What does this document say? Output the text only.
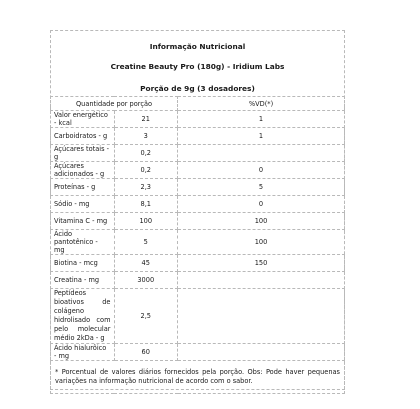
Informação Nutricional
Creatine Beauty Pro (180g) - Iridium Labs
Porção de 9g (3 dosadores)
Quantidade por porção		%VD(*)
Valor energético - kcal	21	1
Carboidratos - g	3	1
Açúcares totais - g	0,2	
Açúcares adicionados - g	0,2	0
Proteínas - g	2,3	5
Sódio - mg	8,1	0
Vitamina C - mg	100	100
Ácido pantotênico - mg	5	100
Biotina - mcg	45	150
Creatina - mg	3000	
Peptídeos bioativos de colágeno hidrolisado com pelo molecular médio 2kDa - g	2,5	
Ácido hialurôico - mg	60	
* Porcentual de valores diários fornecidos pela porção. Obs: Pode haver pequenas variações na informação nutricional de acordo com o sabor.		
